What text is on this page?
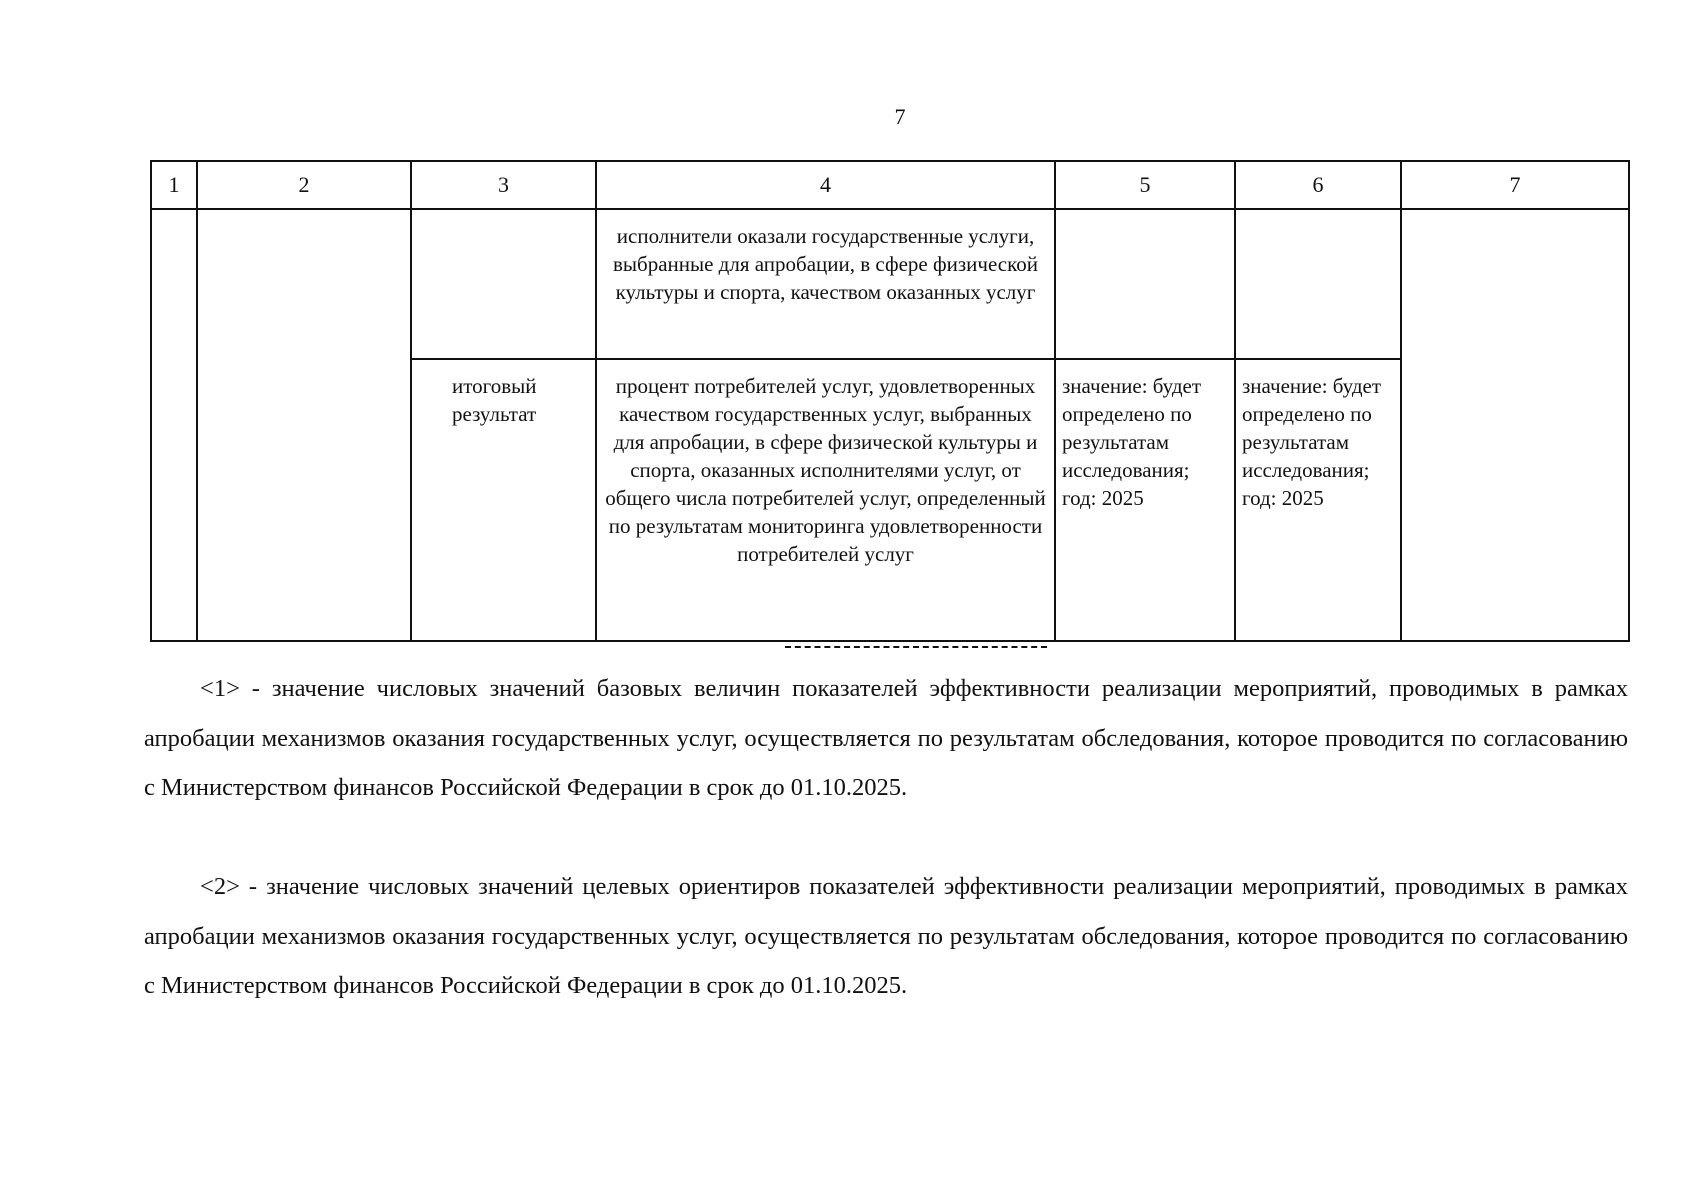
7
1	2	3	4	5	6	7
			исполнители оказали государственные услуги, выбранные для апробации, в сфере физической культуры и спорта, качеством оказанных услуг			
		итоговый результат	процент потребителей услуг, удовлетворенных качеством государственных услуг, выбранных для апробации, в сфере физической культуры и спорта, оказанных исполнителями услуг, от общего числа потребителей услуг, определенный по результатам мониторинга удовлетворенности потребителей услуг	значение: будет определено по результатам исследования; год: 2025	значение: будет определено по результатам исследования; год: 2025	

<1> - значение числовых значений базовых величин показателей эффективности реализации мероприятий, проводимых в рамках апробации механизмов оказания государственных услуг, осуществляется по результатам обследования, которое проводится по согласованию с Министерством финансов Российской Федерации в срок до 01.10.2025.

<2> - значение числовых значений целевых ориентиров показателей эффективности реализации мероприятий, проводимых в рамках апробации механизмов оказания государственных услуг, осуществляется по результатам обследования, которое проводится по согласованию с Министерством финансов Российской Федерации в срок до 01.10.2025.
